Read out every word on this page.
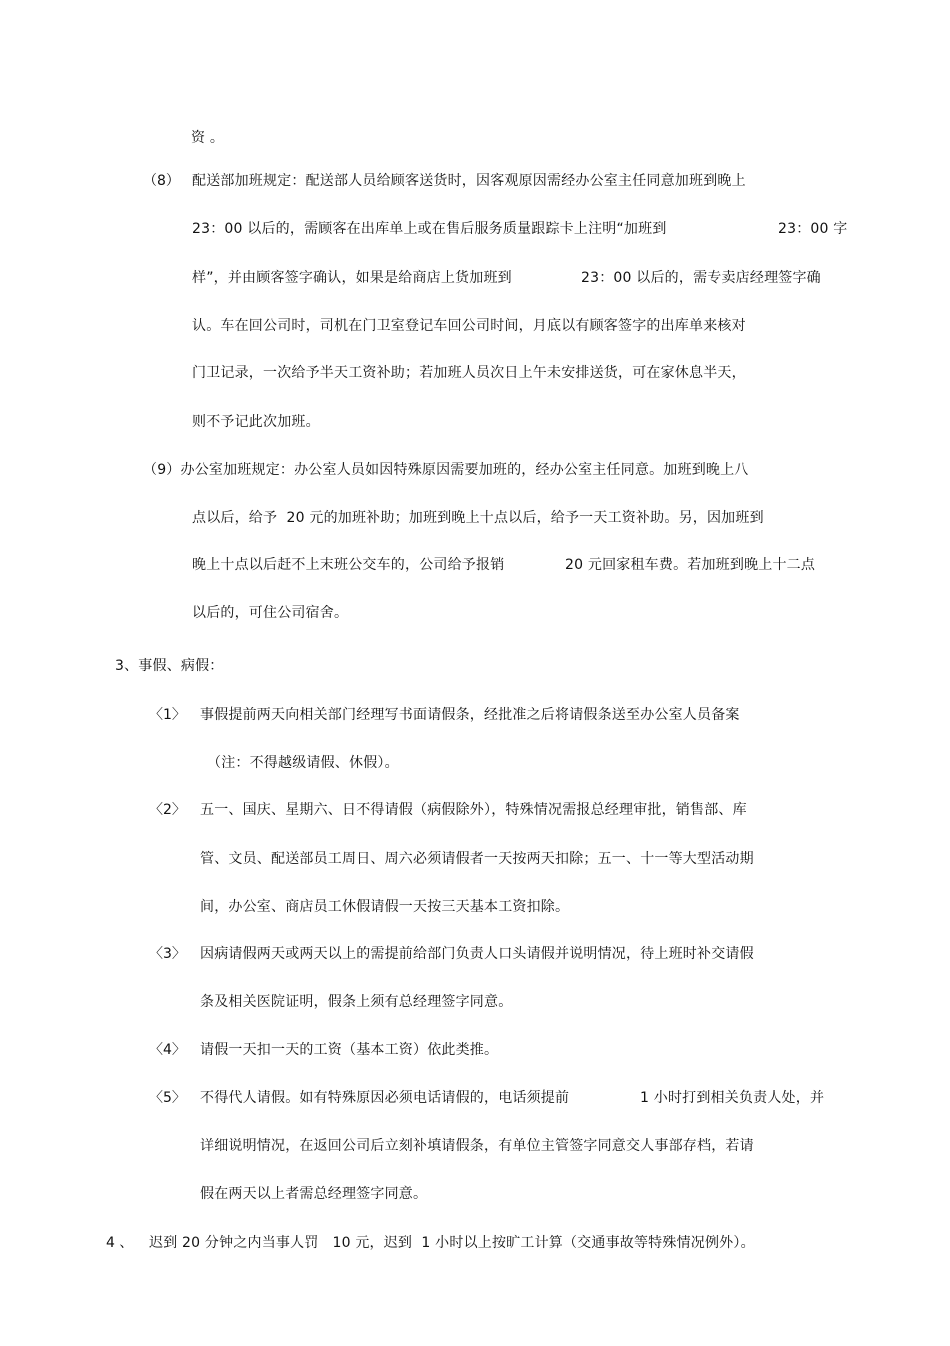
资 。
（8） 配送部加班规定：配送部人员给顾客送货时，因客观原因需经办公室主任同意加班到晚上
23：00 以后的，需顾客在出库单上或在售后服务质量跟踪卡上注明“加班到	23：00 字
样”，并由顾客签字确认，如果是给商店上货加班到	23：00 以后的，需专卖店经理签字确
认。车在回公司时，司机在门卫室登记车回公司时间，月底以有顾客签字的出库单来核对
门卫记录，一次给予半天工资补助；若加班人员次日上午未安排送货，可在家休息半天，
则不予记此次加班。
（9）办公室加班规定：办公室人员如因特殊原因需要加班的，经办公室主任同意。加班到晚上八
点以后，给予  20 元的加班补助；加班到晚上十点以后，给予一天工资补助。另，因加班到
晚上十点以后赶不上末班公交车的，公司给予报销	20 元回家租车费。若加班到晚上十二点
以后的，可住公司宿舍。
3、事假、病假：
〈1〉 事假提前两天向相关部门经理写书面请假条，经批准之后将请假条送至办公室人员备案
（注：不得越级请假、休假）。
〈2〉 五一、国庆、星期六、日不得请假（病假除外），特殊情况需报总经理审批，销售部、库
管、文员、配送部员工周日、周六必须请假者一天按两天扣除；五一、十一等大型活动期
间，办公室、商店员工休假请假一天按三天基本工资扣除。
〈3〉 因病请假两天或两天以上的需提前给部门负责人口头请假并说明情况，待上班时补交请假
条及相关医院证明，假条上须有总经理签字同意。
〈4〉 请假一天扣一天的工资（基本工资）依此类推。
〈5〉 不得代人请假。如有特殊原因必须电话请假的，电话须提前	1 小时打到相关负责人处，并
详细说明情况，在返回公司后立刻补填请假条，有单位主管签字同意交人事部存档，若请
假在两天以上者需总经理签字同意。
4 、 迟到 20 分钟之内当事人罚   10 元，迟到  1 小时以上按旷工计算（交通事故等特殊情况例外）。
